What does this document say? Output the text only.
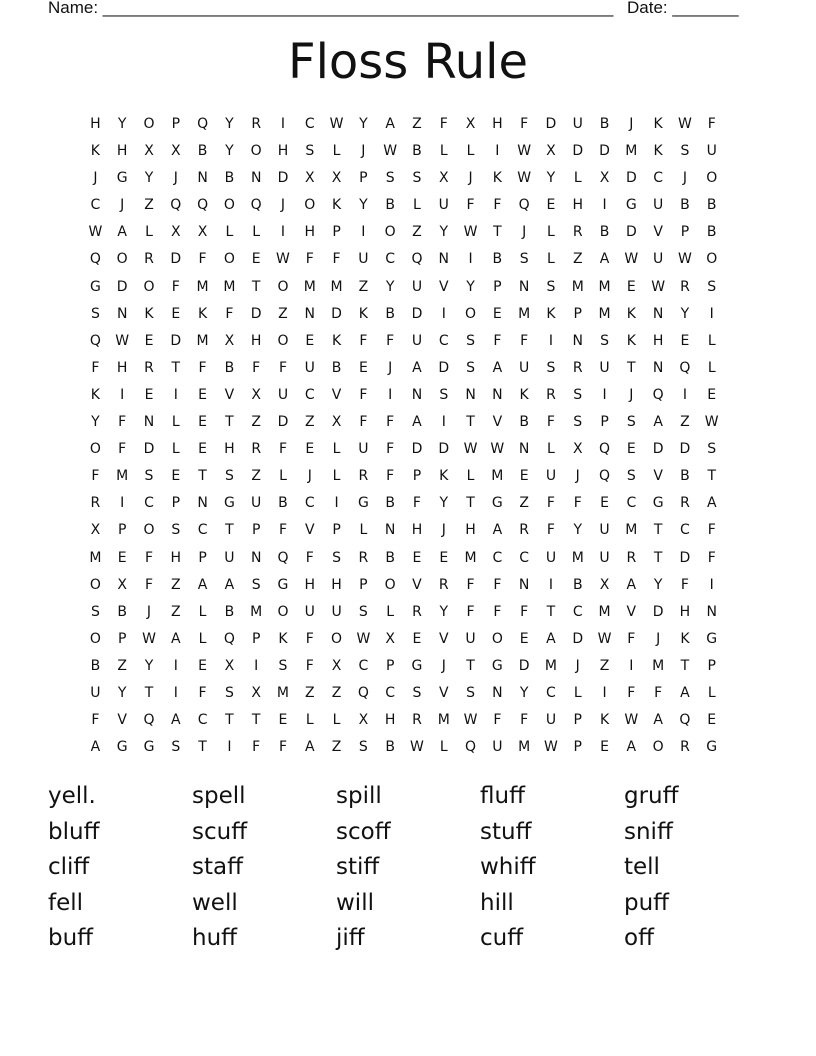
Name: ______________________________________________________ Date: _______
Floss Rule
H	Y	O	P	Q	Y	R	I	C	W	Y	A	Z	F	X	H	F	D	U	B	J	K	W	F
K	H	X	X	B	Y	O	H	S	L	J	W	B	L	L	I	W	X	D	D	M	K	S	U
J	G	Y	J	N	B	N	D	X	X	P	S	S	X	J	K	W	Y	L	X	D	C	J	O
C	J	Z	Q	Q	O	Q	J	O	K	Y	B	L	U	F	F	Q	E	H	I	G	U	B	B
W	A	L	X	X	L	L	I	H	P	I	O	Z	Y	W	T	J	L	R	B	D	V	P	B
Q	O	R	D	F	O	E	W	F	F	U	C	Q	N	I	B	S	L	Z	A	W	U	W	O
G	D	O	F	M	M	T	O	M	M	Z	Y	U	V	Y	P	N	S	M	M	E	W	R	S
S	N	K	E	K	F	D	Z	N	D	K	B	D	I	O	E	M	K	P	M	K	N	Y	I
Q	W	E	D	M	X	H	O	E	K	F	F	U	C	S	F	F	I	N	S	K	H	E	L
F	H	R	T	F	B	F	F	U	B	E	J	A	D	S	A	U	S	R	U	T	N	Q	L
K	I	E	I	E	V	X	U	C	V	F	I	N	S	N	N	K	R	S	I	J	Q	I	E
Y	F	N	L	E	T	Z	D	Z	X	F	F	A	I	T	V	B	F	S	P	S	A	Z	W
O	F	D	L	E	H	R	F	E	L	U	F	D	D	W W	N	L	X	Q	E	D	D	S
F	M	S	E	T	S	Z	L	J	L	R	F	P	K	L	M	E	U	J	Q	S	V	B	T
R	I	C	P	N	G	U	B	C	I	G	B	F	Y	T	G	Z	F	F	E	C	G	R	A
X	P	O	S	C	T	P	F	V	P	L	N	H	J	H	A	R	F	Y	U	M	T	C	F
M	E	F	H	P	U	N	Q	F	S	R	B	E	E	M	C	C	U	M	U	R	T	D	F
O	X	F	Z	A	A	S	G	H	H	P	O	V	R	F	F	N	I	B	X	A	Y	F	I
S	B	J	Z	L	B	M	O	U	U	S	L	R	Y	F	F	F	T	C	M	V	D	H	N
O	P	W	A	L	Q	P	K	F	O	W	X	E	V	U	O	E	A	D	W	F	J	K	G
B	Z	Y	I	E	X	I	S	F	X	C	P	G	J	T	G	D	M	J	Z	I	M	T	P
U	Y	T	I	F	S	X	M	Z	Z	Q	C	S	V	S	N	Y	C	L	I	F	F	A	L
F	V	Q	A	C	T	T	E	L	L	X	H	R	M W	F	F	U	P	K	W	A	Q	E
A	G	G	S	T	I	F	F	A	Z	S	B	W	L	Q	U	M W	P	E	A	O	R	G
yell.	spell	spill	fluff	gruff
bluff	scuff	scoff	stuff	sniff
cliff	staff	stiff	whiff	tell
fell	well	will	hill	puff
buff	huff	jiff	cuff	off
